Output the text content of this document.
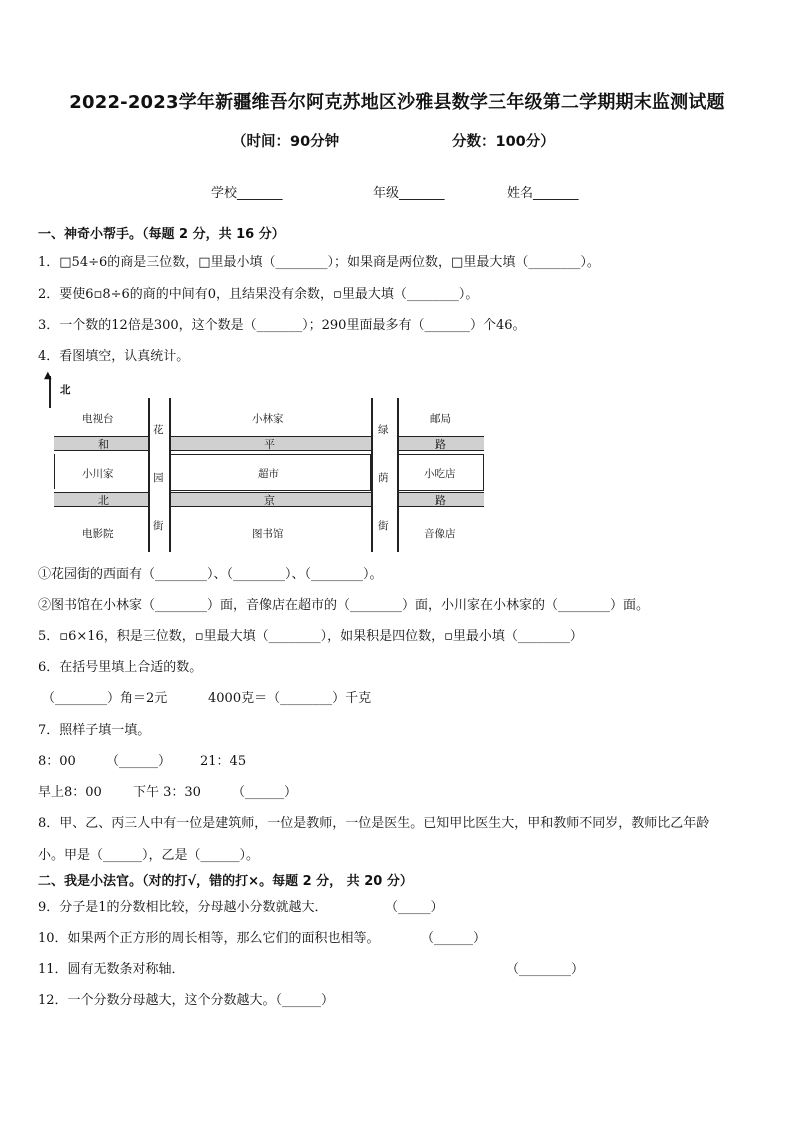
2022-2023学年新疆维吾尔阿克苏地区沙雅县数学三年级第二学期期末监测试题
（时间：90分钟	分数：100分）
学校_______	年级_______	姓名_______
一、神奇小帮手。（每题 2 分，共 16 分）
1．□54÷6的商是三位数，□里最小填（________）；如果商是两位数，□里最大填（________）。
2．要使6▫8÷6的商的中间有0，且结果没有余数，▫里最大填（________）。
3．一个数的12倍是300，这个数是（_______）；290里面最多有（_______）个46。
4．看图填空，认真统计。
▲
北
和	平	路
北	京	路
花
园
街
绿
荫
街
电视台	小林家	邮局
小川家	超市	小吃店
电影院	图书馆	音像店
①花园街的西面有（________）、（________）、（________）。
②图书馆在小林家（________）面，音像店在超市的（________）面，小川家在小林家的（________）面。
5．▫6×16，积是三位数，▫里最大填（________），如果积是四位数，▫里最小填（________）
6．在括号里填上合适的数。
（________）角＝2元	4000克＝（________）千克
7．照样子填一填。
8：00 （______） 21：45
早上8：00 下午 3：30 （______）
8．甲、乙、丙三人中有一位是建筑师，一位是教师，一位是医生。已知甲比医生大，甲和教师不同岁，教师比乙年龄
小。甲是（______），乙是（______）。
二、我是小法官。（对的打√，错的打×。每题 2 分， 共 20 分）
9．分子是1的分数相比较，分母越小分数就越大．	（_____）
10．如果两个正方形的周长相等，那么它们的面积也相等。	（______）
11．圆有无数条对称轴．	（________）
12．一个分数分母越大，这个分数越大。（______）
